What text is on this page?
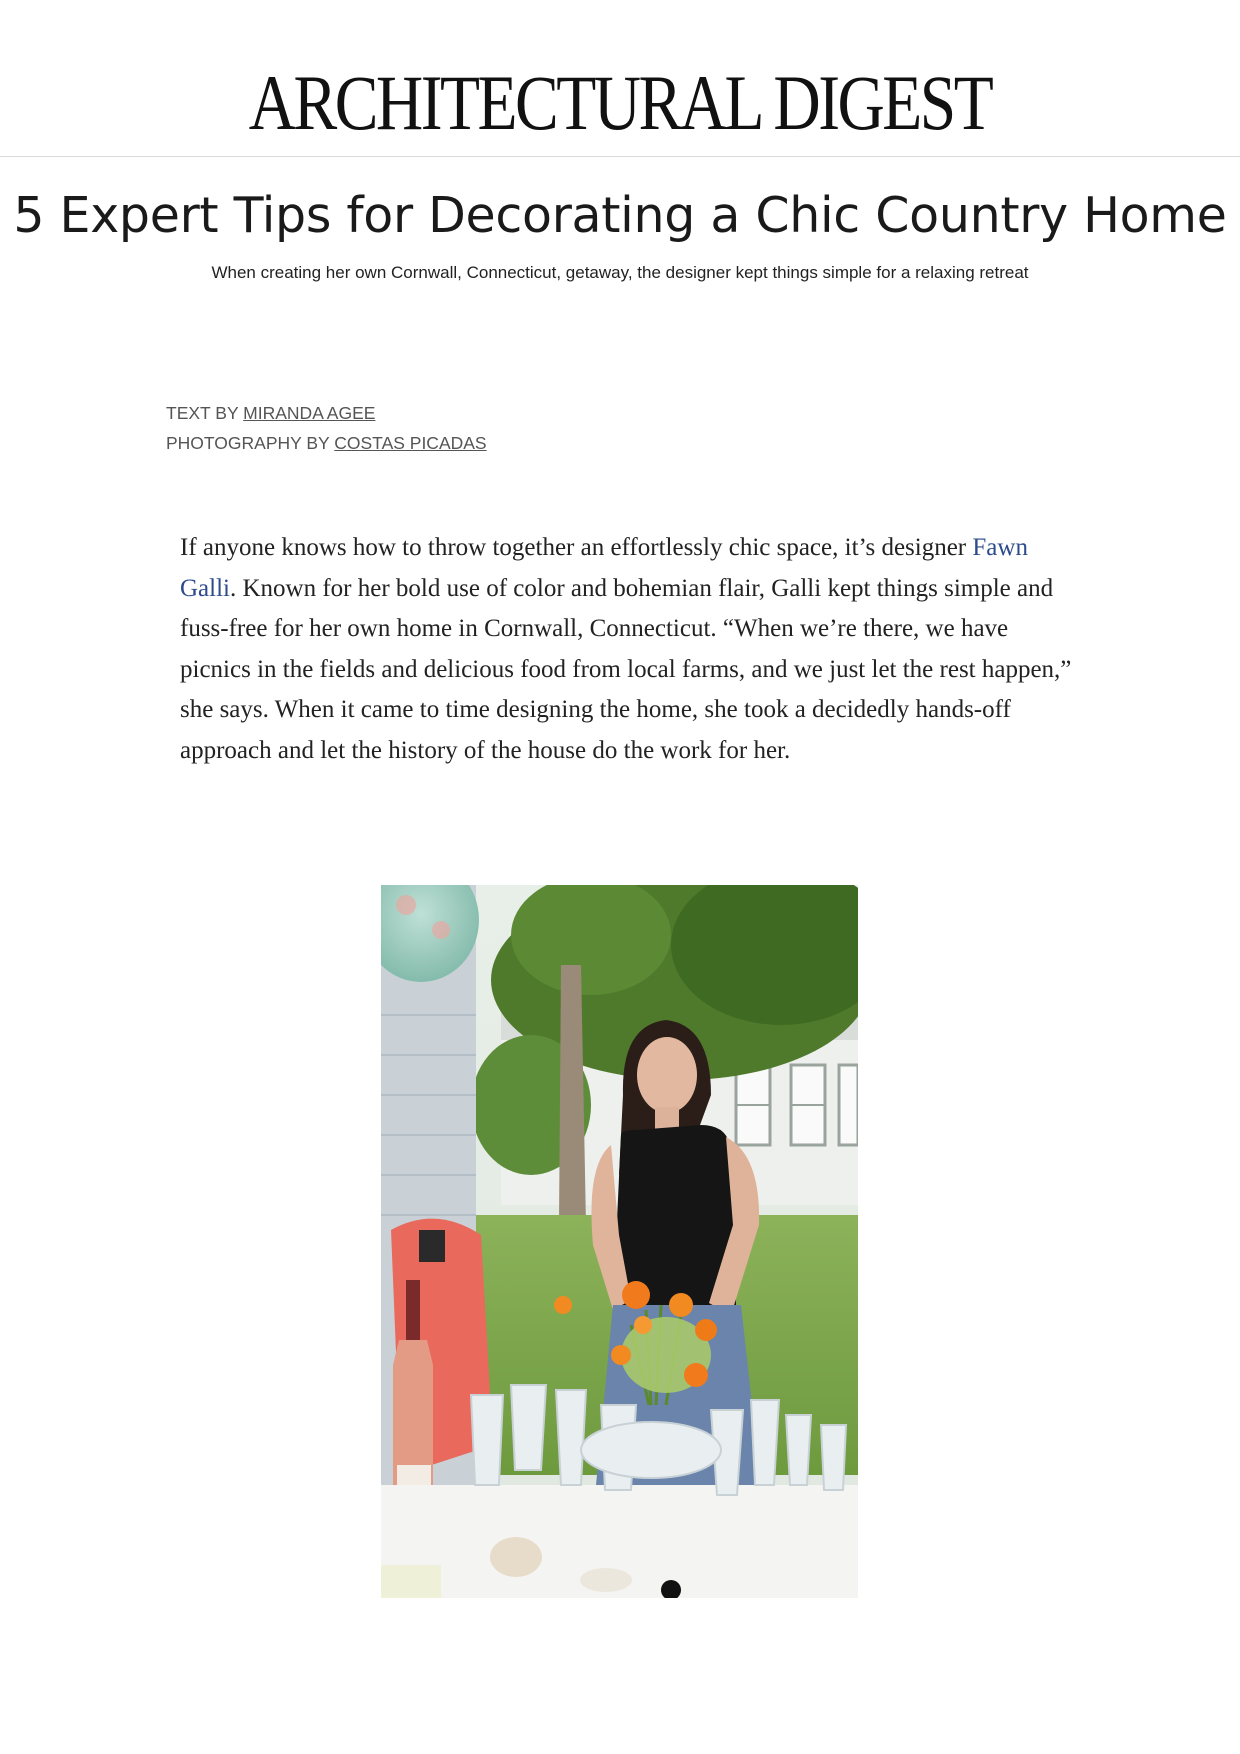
ARCHITECTURAL DIGEST
5 Expert Tips for Decorating a Chic Country Home
When creating her own Cornwall, Connecticut, getaway, the designer kept things simple for a relaxing retreat
TEXT BY MIRANDA AGEE
PHOTOGRAPHY BY COSTAS PICADAS

If anyone knows how to throw together an effortlessly chic space, it’s designer Fawn Galli. Known for her bold use of color and bohemian flair, Galli kept things simple and fuss-free for her own home in Cornwall, Connecticut. “When we’re there, we have picnics in the fields and delicious food from local farms, and we just let the rest happen,” she says. When it came to time designing the home, she took a decidedly hands-off approach and let the history of the house do the work for her.
